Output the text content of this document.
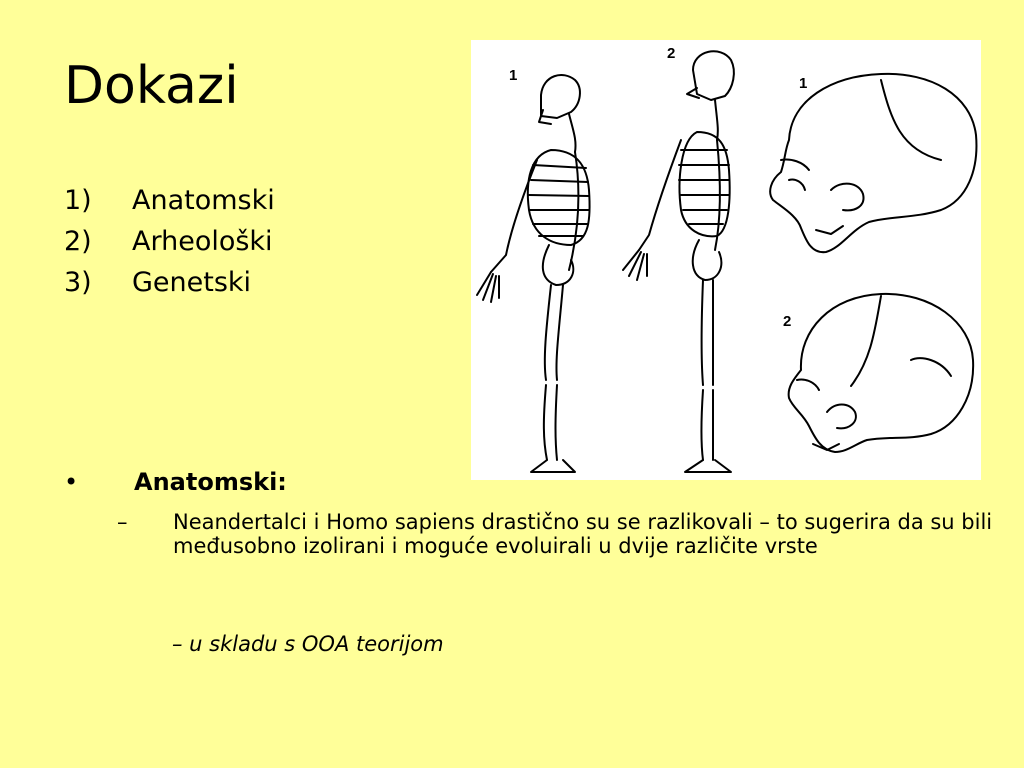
Dokazi
1)	Anatomski
2)	Arheološki
3)	Genetski
1
2
1
2
•	Anatomski:
–	Neandertalci i Homo sapiens drastično su se razlikovali – to sugerira da su bili međusobno izolirani i moguće evoluirali u dvije različite vrste
– u skladu s OOA teorijom
